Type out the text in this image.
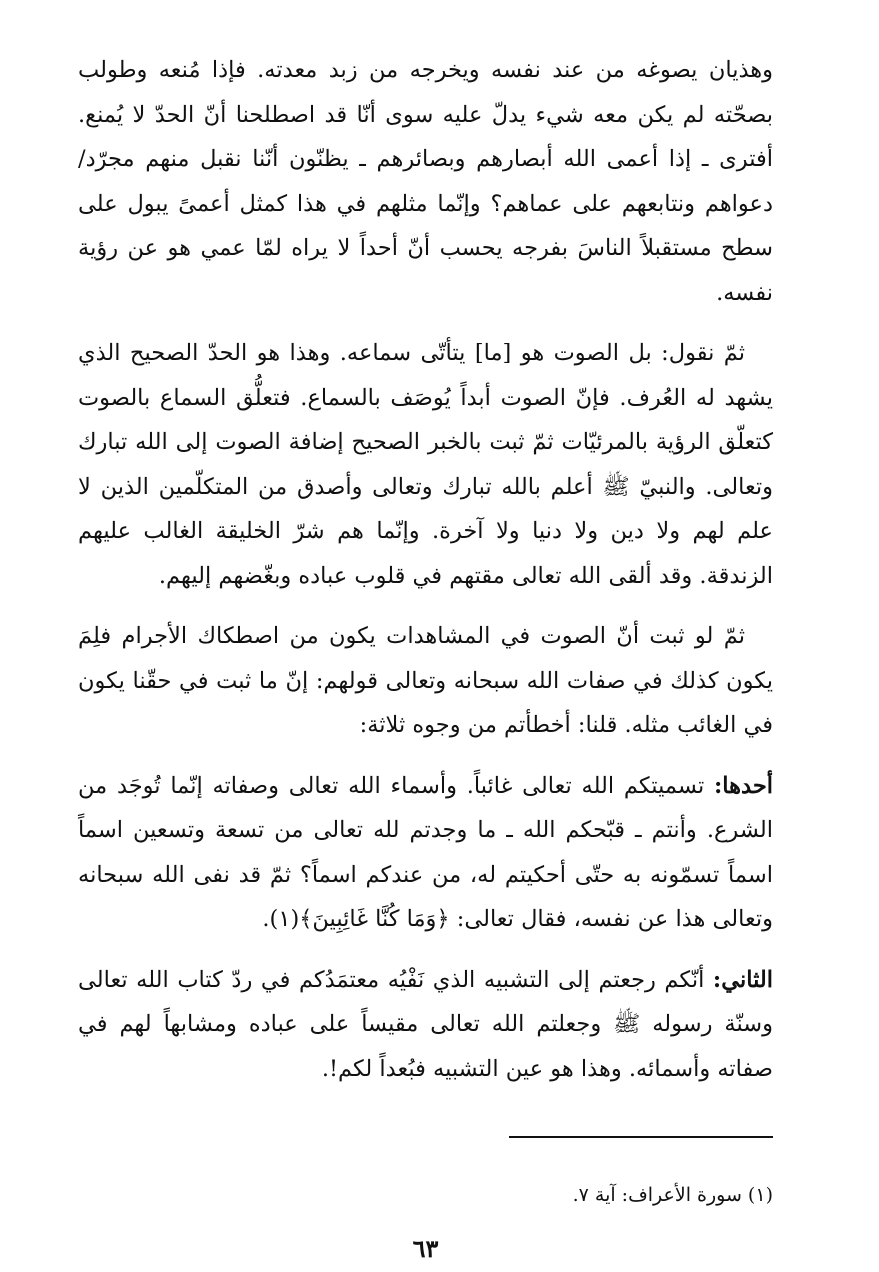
وهذيان يصوغه من عند نفسه ويخرجه من زبد معدته. فإذا مُنعه وطولب بصحّته لم يكن معه شيء يدلّ عليه سوى أنّا قد اصطلحنا أنّ الحدّ لا يُمنع. أفترى ـ إذا أعمى الله أبصارهم وبصائرهم ـ يظنّون أنّنا نقبل منهم مجرّد/ دعواهم ونتابعهم على عماهم؟ وإنّما مثلهم في هذا كمثل أعمىً يبول على سطح مستقبلاً الناسَ بفرجه يحسب أنّ أحداً لا يراه لمّا عمي هو عن رؤية نفسه.

ثمّ نقول: بل الصوت هو [ما] يتأتّى سماعه. وهذا هو الحدّ الصحيح الذي يشهد له العُرف. فإنّ الصوت أبداً يُوصَف بالسماع. فتعلُّق السماع بالصوت كتعلّق الرؤية بالمرئيّات ثمّ ثبت بالخبر الصحيح إضافة الصوت إلى الله تبارك وتعالى. والنبيّ ﷺ أعلم بالله تبارك وتعالى وأصدق من المتكلّمين الذين لا علم لهم ولا دين ولا دنيا ولا آخرة. وإنّما هم شرّ الخليقة الغالب عليهم الزندقة. وقد ألقى الله تعالى مقتهم في قلوب عباده وبغّضهم إليهم.

ثمّ لو ثبت أنّ الصوت في المشاهدات يكون من اصطكاك الأجرام فلِمَ يكون كذلك في صفات الله سبحانه وتعالى قولهم: إنّ ما ثبت في حقّنا يكون في الغائب مثله. قلنا: أخطأتم من وجوه ثلاثة:

أحدها: تسميتكم الله تعالى غائباً. وأسماء الله تعالى وصفاته إنّما تُوجَد من الشرع. وأنتم ـ قبّحكم الله ـ ما وجدتم لله تعالى من تسعة وتسعين اسماً اسماً تسمّونه به حتّى أحكيتم له، من عندكم اسماً؟ ثمّ قد نفى الله سبحانه وتعالى هذا عن نفسه، فقال تعالى: ﴿وَمَا كُنَّا غَائِبِينَ﴾(١).

الثاني: أنّكم رجعتم إلى التشبيه الذي نَفْيُه معتمَدُكم في ردّ كتاب الله تعالى وسنّة رسوله ﷺ وجعلتم الله تعالى مقيساً على عباده ومشابهاً لهم في صفاته وأسمائه. وهذا هو عين التشبيه فبُعداً لكم!.

(١) سورة الأعراف: آية ٧.

٦٣
